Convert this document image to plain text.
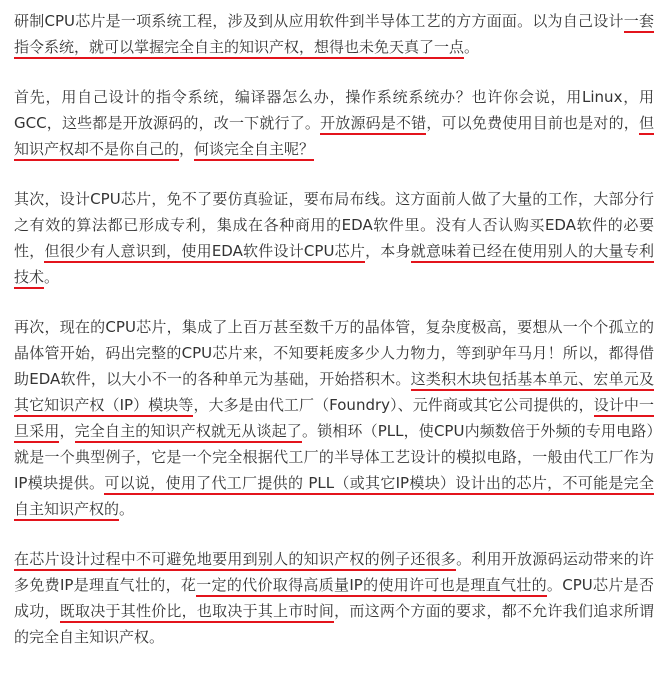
研制CPU芯片是一项系统工程，涉及到从应用软件到半导体工艺的方方面面。以为自己设计一套指令系统，就可以掌握完全自主的知识产权，想得也未免天真了一点。

首先，用自己设计的指令系统，编译器怎么办，操作系统系统办？也许你会说，用Linux，用GCC，这些都是开放源码的，改一下就行了。开放源码是不错，可以免费使用目前也是对的，但知识产权却不是你自己的，何谈完全自主呢？

其次，设计CPU芯片，免不了要仿真验证，要布局布线。这方面前人做了大量的工作，大部分行之有效的算法都已形成专利，集成在各种商用的EDA软件里。没有人否认购买EDA软件的必要性，但很少有人意识到，使用EDA软件设计CPU芯片，本身就意味着已经在使用别人的大量专利技术。

再次，现在的CPU芯片，集成了上百万甚至数千万的晶体管，复杂度极高，要想从一个个孤立的晶体管开始，码出完整的CPU芯片来，不知要耗废多少人力物力，等到驴年马月！所以，都得借助EDA软件，以大小不一的各种单元为基础，开始搭积木。这类积木块包括基本单元、宏单元及其它知识产权（IP）模块等，大多是由代工厂（Foundry）、元件商或其它公司提供的，设计中一旦采用，完全自主的知识产权就无从谈起了。锁相环（PLL，使CPU内频数倍于外频的专用电路）就是一个典型例子，它是一个完全根据代工厂的半导体工艺设计的模拟电路，一般由代工厂作为IP模块提供。可以说，使用了代工厂提供的 PLL（或其它IP模块）设计出的芯片，不可能是完全自主知识产权的。

在芯片设计过程中不可避免地要用到别人的知识产权的例子还很多。利用开放源码运动带来的许多免费IP是理直气壮的，花一定的代价取得高质量IP的使用许可也是理直气壮的。CPU芯片是否成功，既取决于其性价比，也取决于其上市时间，而这两个方面的要求，都不允许我们追求所谓的完全自主知识产权。
